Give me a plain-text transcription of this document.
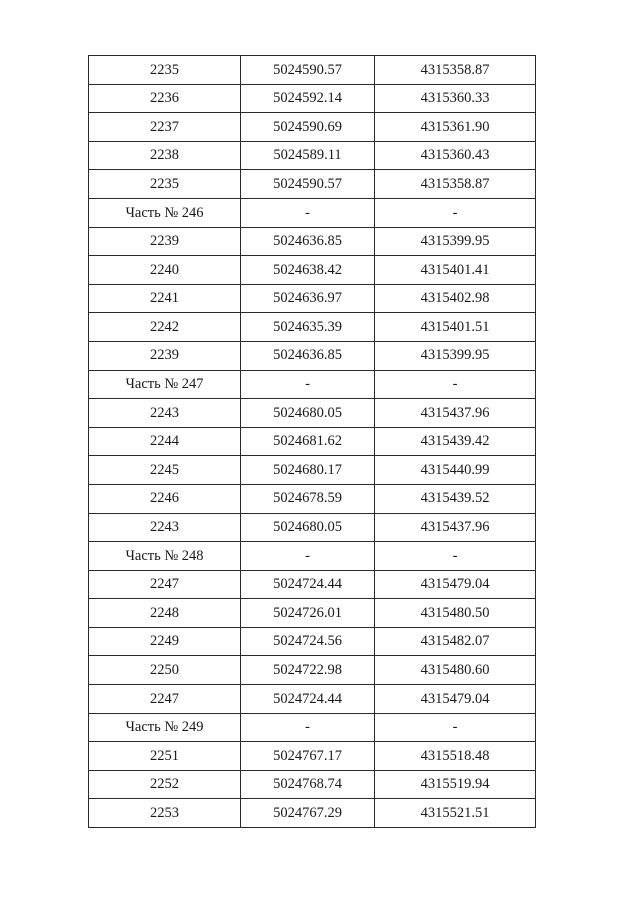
2235	5024590.57	4315358.87
2236	5024592.14	4315360.33
2237	5024590.69	4315361.90
2238	5024589.11	4315360.43
2235	5024590.57	4315358.87
Часть № 246	-	-
2239	5024636.85	4315399.95
2240	5024638.42	4315401.41
2241	5024636.97	4315402.98
2242	5024635.39	4315401.51
2239	5024636.85	4315399.95
Часть № 247	-	-
2243	5024680.05	4315437.96
2244	5024681.62	4315439.42
2245	5024680.17	4315440.99
2246	5024678.59	4315439.52
2243	5024680.05	4315437.96
Часть № 248	-	-
2247	5024724.44	4315479.04
2248	5024726.01	4315480.50
2249	5024724.56	4315482.07
2250	5024722.98	4315480.60
2247	5024724.44	4315479.04
Часть № 249	-	-
2251	5024767.17	4315518.48
2252	5024768.74	4315519.94
2253	5024767.29	4315521.51
